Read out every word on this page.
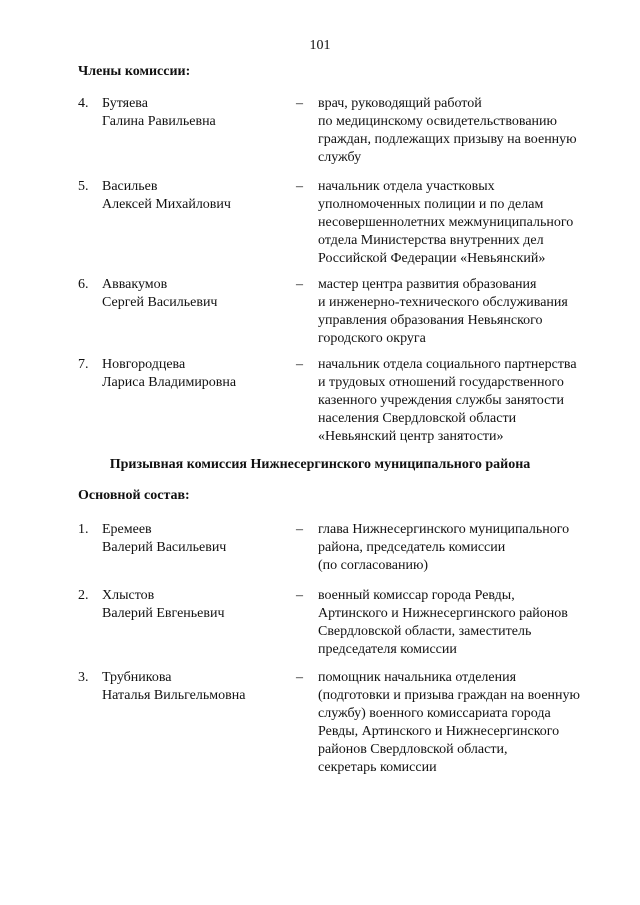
101
Члены комиссии:
4. Бутяева
Галина Равильевна
– врач, руководящий работой
по медицинскому освидетельствованию
граждан, подлежащих призыву на военную
службу
5. Васильев
Алексей Михайлович
– начальник отдела участковых
уполномоченных полиции и по делам
несовершеннолетних межмуниципального
отдела Министерства внутренних дел
Российской Федерации «Невьянский»
6. Аввакумов
Сергей Васильевич
– мастер центра развития образования
и инженерно-технического обслуживания
управления образования Невьянского
городского округа
7. Новгородцева
Лариса Владимировна
– начальник отдела социального партнерства
и трудовых отношений государственного
казенного учреждения службы занятости
населения Свердловской области
«Невьянский центр занятости»
Призывная комиссия Нижнесергинского муниципального района
Основной состав:
1. Еремеев
Валерий Васильевич
– глава Нижнесергинского муниципального
района, председатель комиссии
(по согласованию)
2. Хлыстов
Валерий Евгеньевич
– военный комиссар города Ревды,
Артинского и Нижнесергинского районов
Свердловской области, заместитель
председателя комиссии
3. Трубникова
Наталья Вильгельмовна
– помощник начальника отделения
(подготовки и призыва граждан на военную
службу) военного комиссариата города
Ревды, Артинского и Нижнесергинского
районов Свердловской области,
секретарь комиссии
